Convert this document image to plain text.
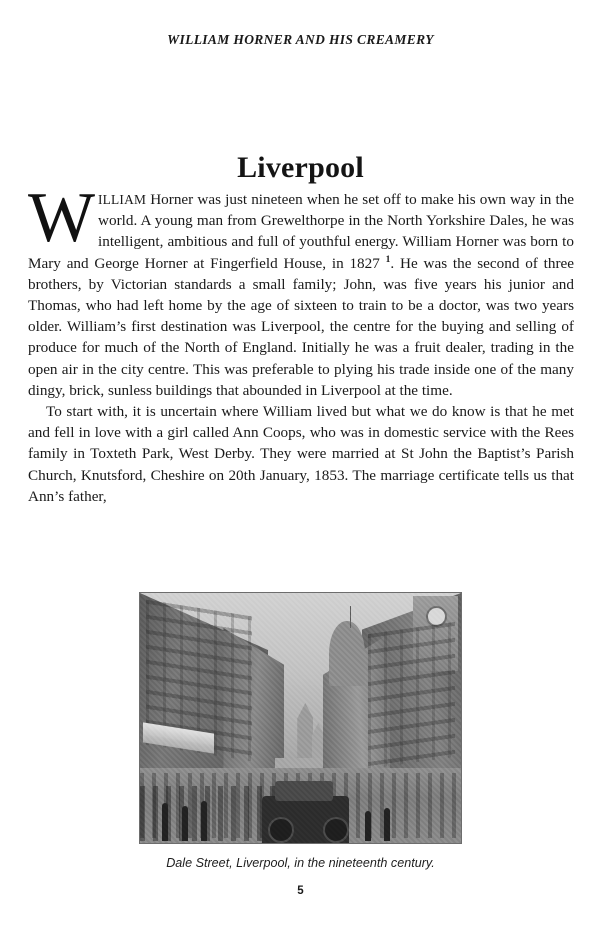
WILLIAM HORNER AND HIS CREAMERY
Liverpool

WILLIAM Horner was just nineteen when he set off to make his own way in the world. A young man from Grewelthorpe in the North Yorkshire Dales, he was intelligent, ambitious and full of youthful energy. William Horner was born to Mary and George Horner at Fingerfield House, in 1827 $^1$. He was the second of three brothers, by Victorian standards a small family; John, was five years his junior and Thomas, who had left home by the age of sixteen to train to be a doctor, was two years older. William’s first destination was Liverpool, the centre for the buying and selling of produce for much of the North of England. Initially he was a fruit dealer, trading in the open air in the city centre. This was preferable to plying his trade inside one of the many dingy, brick, sunless buildings that abounded in Liverpool at the time.

To start with, it is uncertain where William lived but what we do know is that he met and fell in love with a girl called Ann Coops, who was in domestic service with the Rees family in Toxteth Park, West Derby. They were married at St John the Baptist’s Parish Church, Knutsford, Cheshire on 20th January, 1853. The marriage certificate tells us that Ann’s father,

Dale Street, Liverpool, in the nineteenth century.
5
